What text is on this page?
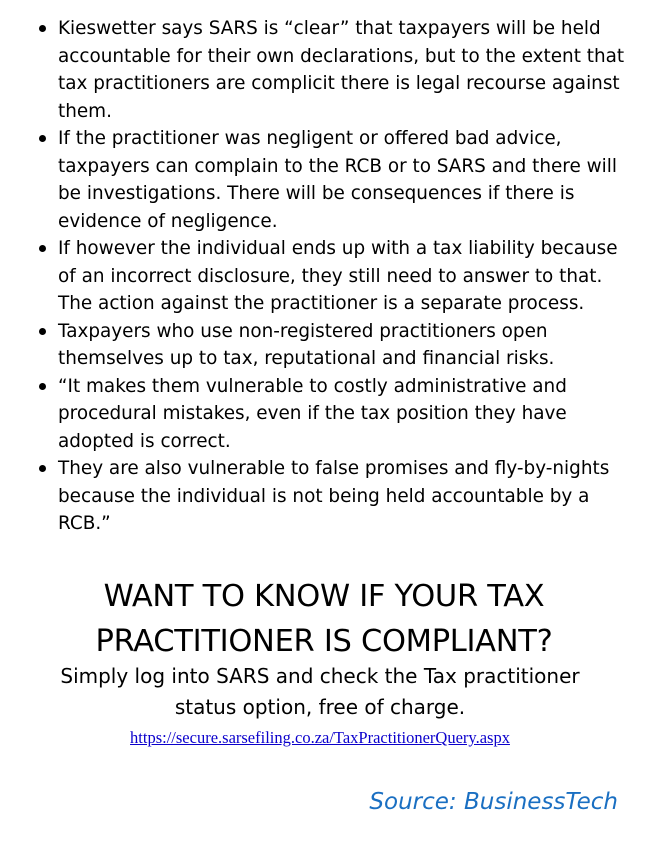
Kieswetter says SARS is “clear” that taxpayers will be held accountable for their own declarations, but to the extent that tax practitioners are complicit there is legal recourse against them.
If the practitioner was negligent or offered bad advice, taxpayers can complain to the RCB or to SARS and there will be investigations. There will be consequences if there is evidence of negligence.
If however the individual ends up with a tax liability because of an incorrect disclosure, they still need to answer to that. The action against the practitioner is a separate process.
Taxpayers who use non-registered practitioners open themselves up to tax, reputational and financial risks.
“It makes them vulnerable to costly administrative and procedural mistakes, even if the tax position they have adopted is correct.
They are also vulnerable to false promises and fly-by-nights because the individual is not being held accountable by a RCB.”
WANT TO KNOW IF YOUR TAX
PRACTITIONER IS COMPLIANT?
Simply log into SARS and check the Tax practitioner
status option, free of charge.
https://secure.sarsefiling.co.za/TaxPractitionerQuery.aspx
Source: BusinessTech
